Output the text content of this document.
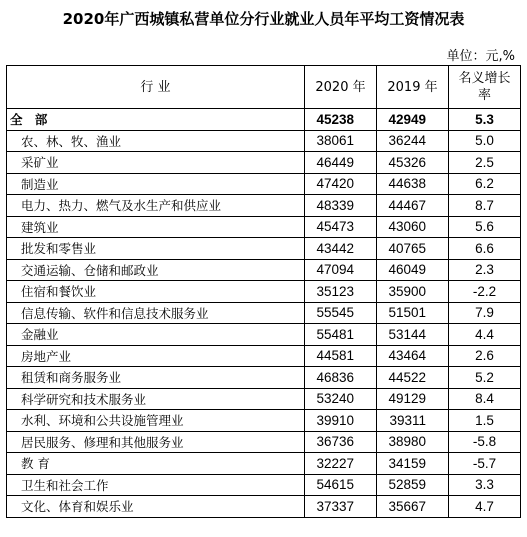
2020年广西城镇私营单位分行业就业人员年平均工资情况表
单位：元,%
行 业	2020 年	2019 年	名义增长
率

全 部	45238	42949	5.3
农、林、牧、渔业	38061	36244	5.0
采矿业	46449	45326	2.5
制造业	47420	44638	6.2
电力、热力、燃气及水生产和供应业	48339	44467	8.7
建筑业	45473	43060	5.6
批发和零售业	43442	40765	6.6
交通运输、仓储和邮政业	47094	46049	2.3
住宿和餐饮业	35123	35900	-2.2
信息传输、软件和信息技术服务业	55545	51501	7.9
金融业	55481	53144	4.4
房地产业	44581	43464	2.6
租赁和商务服务业	46836	44522	5.2
科学研究和技术服务业	53240	49129	8.4
水利、环境和公共设施管理业	39910	39311	1.5
居民服务、修理和其他服务业	36736	38980	-5.8
教 育	32227	34159	-5.7
卫生和社会工作	54615	52859	3.3
文化、体育和娱乐业	37337	35667	4.7
